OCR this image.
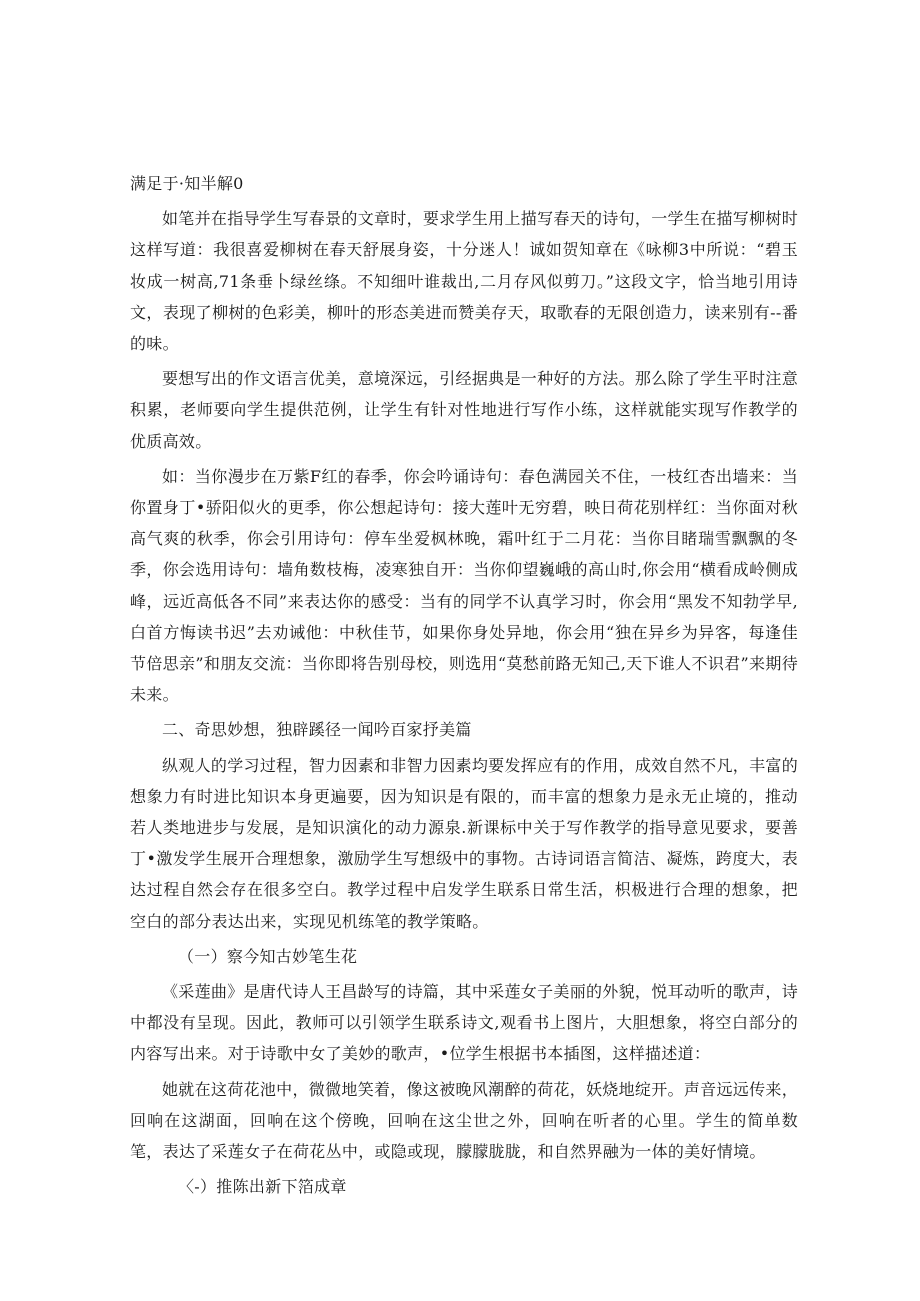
满足于·知半解0

如笔并在指导学生写春景的文章时，要求学生用上描写春天的诗句，一学生在描写柳树时这样写道：我很喜爱柳树在春天舒展身姿，十分迷人！诚如贺知章在《咏柳3中所说：“碧玉妆成一树高,71条垂卜绿丝绦。不知细叶谁裁出,二月存风似剪刀。”这段文字，恰当地引用诗文，表现了柳树的色彩美，柳叶的形态美进而赞美存天，取歌春的无限创造力，读来别有--番的味。

要想写出的作文语言优美，意境深远，引经据典是一种好的方法。那么除了学生平时注意积累，老师要向学生提供范例，让学生有针对性地进行写作小练，这样就能实现写作教学的优质高效。

如：当你漫步在万紫F红的春季，你会吟诵诗句：春色满园关不住，一枝红杏出墙来：当你置身丁•骄阳似火的更季，你公想起诗句：接大莲叶无穷碧，映日荷花别样红：当你面对秋高气爽的秋季，你会引用诗句：停车坐爱枫林晚，霜叶红于二月花：当你目睹瑞雪飘飘的冬季，你会选用诗句：墙角数枝梅，凌寒独自开：当你仰望巍峨的高山时,你会用“横看成岭侧成峰，远近高低各不同”来表达你的感受：当有的同学不认真学习时，你会用“黑发不知勃学早,白首方悔读书迟”去劝诫他：中秋佳节，如果你身处异地，你会用“独在异乡为异客，每逢佳节倍思亲”和朋友交流：当你即将告别母校，则选用“莫愁前路无知己,天下谁人不识君”来期待未来。

二、奇思妙想，独辟蹊径一闻吟百家抒美篇

纵观人的学习过程，智力因素和非智力因素均要发挥应有的作用，成效自然不凡，丰富的想象力有时进比知识本身更遍要，因为知识是有限的，而丰富的想象力是永无止境的，推动若人类地进步与发展，是知识演化的动力源泉.新课标中关于写作教学的指导意见要求，要善丁•激发学生展开合理想象，激励学生写想级中的事物。古诗词语言简洁、凝炼，跨度大，表达过程自然会存在很多空白。教学过程中启发学生联系日常生活，枳极进行合理的想象，把空白的部分表达出来，实现见机练笔的教学策略。

（一）察今知古妙笔生花

《采莲曲》是唐代诗人王昌龄写的诗篇，其中采莲女子美丽的外貌，悦耳动听的歌声，诗中都没有呈现。因此，教师可以引领学生联系诗文,观看书上图片，大胆想象，将空白部分的内容写出来。对于诗歌中女了美妙的歌声，•位学生根据书本插图，这样描述道：

她就在这荷花池中，微微地笑着，像这被晚风潮醉的荷花，妖烧地绽开。声音远远传来，回响在这湖面，回响在这个傍晚，回响在这尘世之外，回响在听者的心里。学生的简单数笔，表达了采莲女子在荷花丛中，或隐或现，朦朦胧胧，和自然界融为一体的美好情境。

〈-）推陈出新下箔成章
